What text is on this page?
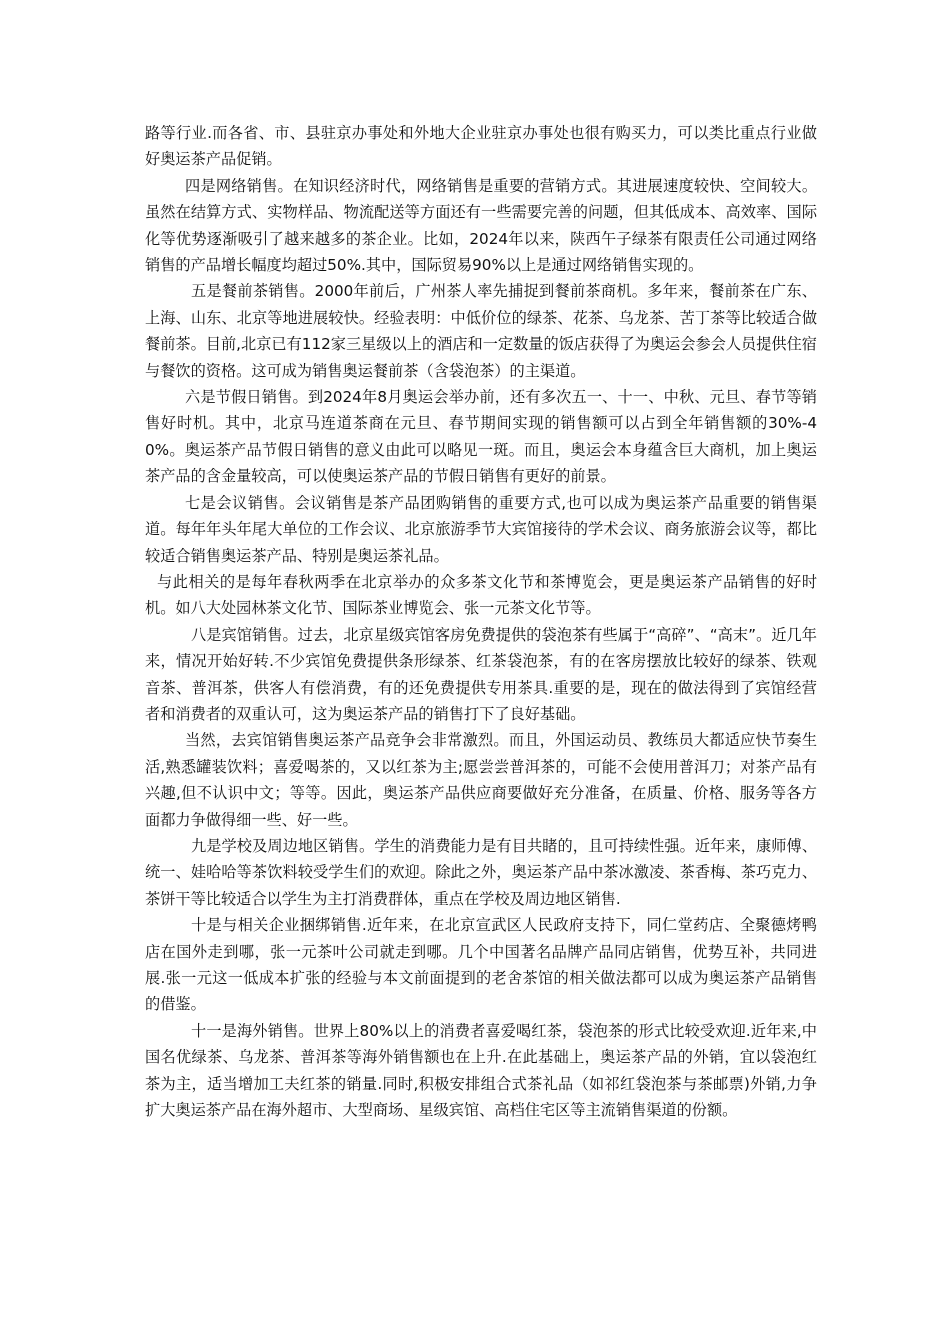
路等行业.而各省、市、县驻京办事处和外地大企业驻京办事处也很有购买力，可以类比重点行业做好奥运茶产品促销。

四是网络销售。在知识经济时代，网络销售是重要的营销方式。其进展速度较快、空间较大。虽然在结算方式、实物样品、物流配送等方面还有一些需要完善的问题，但其低成本、高效率、国际化等优势逐渐吸引了越来越多的茶企业。比如，2024年以来，陕西午子绿茶有限责任公司通过网络销售的产品增长幅度均超过50%.其中，国际贸易90%以上是通过网络销售实现的。

五是餐前茶销售。2000年前后，广州茶人率先捕捉到餐前茶商机。多年来，餐前茶在广东、上海、山东、北京等地进展较快。经验表明：中低价位的绿茶、花茶、乌龙茶、苦丁茶等比较适合做餐前茶。目前,北京已有112家三星级以上的酒店和一定数量的饭店获得了为奥运会参会人员提供住宿与餐饮的资格。这可成为销售奥运餐前茶（含袋泡茶）的主渠道。

六是节假日销售。到2024年8月奥运会举办前，还有多次五一、十一、中秋、元旦、春节等销售好时机。其中，北京马连道茶商在元旦、春节期间实现的销售额可以占到全年销售额的30%-40%。奥运茶产品节假日销售的意义由此可以略见一斑。而且，奥运会本身蕴含巨大商机，加上奥运茶产品的含金量较高，可以使奥运茶产品的节假日销售有更好的前景。

七是会议销售。会议销售是茶产品团购销售的重要方式,也可以成为奥运茶产品重要的销售渠道。每年年头年尾大单位的工作会议、北京旅游季节大宾馆接待的学术会议、商务旅游会议等，都比较适合销售奥运茶产品、特别是奥运茶礼品。

与此相关的是每年春秋两季在北京举办的众多茶文化节和茶博览会，更是奥运茶产品销售的好时机。如八大处园林茶文化节、国际茶业博览会、张一元茶文化节等。

八是宾馆销售。过去，北京星级宾馆客房免费提供的袋泡茶有些属于“高碎”、“高末”。近几年来，情况开始好转.不少宾馆免费提供条形绿茶、红茶袋泡茶，有的在客房摆放比较好的绿茶、铁观音茶、普洱茶，供客人有偿消费，有的还免费提供专用茶具.重要的是，现在的做法得到了宾馆经营者和消费者的双重认可，这为奥运茶产品的销售打下了良好基础。

当然，去宾馆销售奥运茶产品竞争会非常激烈。而且，外国运动员、教练员大都适应快节奏生活,熟悉罐装饮料；喜爱喝茶的，又以红茶为主;愿尝尝普洱茶的，可能不会使用普洱刀；对茶产品有兴趣,但不认识中文；等等。因此，奥运茶产品供应商要做好充分准备，在质量、价格、服务等各方面都力争做得细一些、好一些。

九是学校及周边地区销售。学生的消费能力是有目共睹的，且可持续性强。近年来，康师傅、统一、娃哈哈等茶饮料较受学生们的欢迎。除此之外，奥运茶产品中茶冰激凌、茶香梅、茶巧克力、茶饼干等比较适合以学生为主打消费群体，重点在学校及周边地区销售.

十是与相关企业捆绑销售.近年来，在北京宣武区人民政府支持下，同仁堂药店、全聚德烤鸭店在国外走到哪，张一元茶叶公司就走到哪。几个中国著名品牌产品同店销售，优势互补，共同进展.张一元这一低成本扩张的经验与本文前面提到的老舍茶馆的相关做法都可以成为奥运茶产品销售的借鉴。

十一是海外销售。世界上80%以上的消费者喜爱喝红茶，袋泡茶的形式比较受欢迎.近年来,中国名优绿茶、乌龙茶、普洱茶等海外销售额也在上升.在此基础上，奥运茶产品的外销，宜以袋泡红茶为主，适当增加工夫红茶的销量.同时,积极安排组合式茶礼品（如祁红袋泡茶与茶邮票)外销,力争扩大奥运茶产品在海外超市、大型商场、星级宾馆、高档住宅区等主流销售渠道的份额。
